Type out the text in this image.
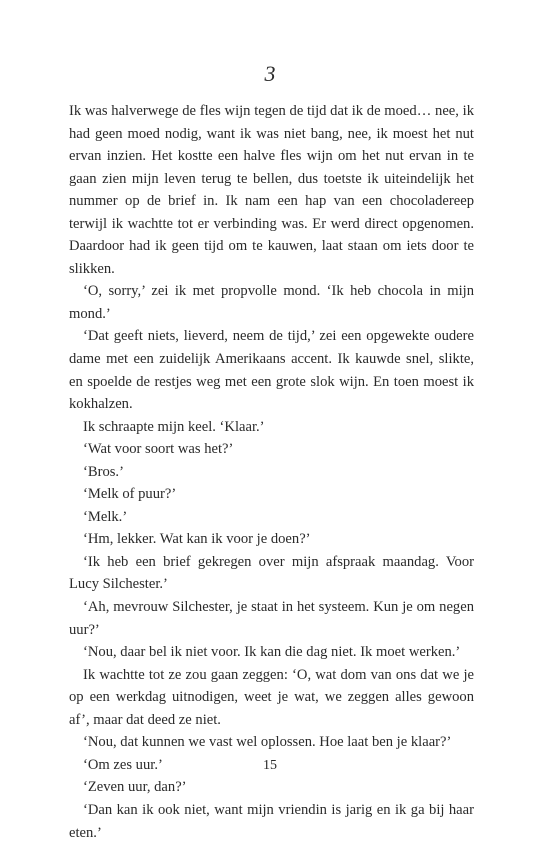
3

Ik was halverwege de fles wijn tegen de tijd dat ik de moed… nee, ik had geen moed nodig, want ik was niet bang, nee, ik moest het nut ervan inzien. Het kostte een halve fles wijn om het nut ervan in te gaan zien mijn leven terug te bellen, dus toetste ik uiteindelijk het nummer op de brief in. Ik nam een hap van een chocoladereep terwijl ik wachtte tot er verbinding was. Er werd direct opgenomen. Daardoor had ik geen tijd om te kauwen, laat staan om iets door te slikken.

‘O, sorry,’ zei ik met propvolle mond. ‘Ik heb chocola in mijn mond.’

‘Dat geeft niets, lieverd, neem de tijd,’ zei een opgewekte oudere dame met een zuidelijk Amerikaans accent. Ik kauwde snel, slikte, en spoelde de restjes weg met een grote slok wijn. En toen moest ik kokhalzen.

Ik schraapte mijn keel. ‘Klaar.’

‘Wat voor soort was het?’

‘Bros.’

‘Melk of puur?’

‘Melk.’

‘Hm, lekker. Wat kan ik voor je doen?’

‘Ik heb een brief gekregen over mijn afspraak maandag. Voor Lucy Silchester.’

‘Ah, mevrouw Silchester, je staat in het systeem. Kun je om negen uur?’

‘Nou, daar bel ik niet voor. Ik kan die dag niet. Ik moet werken.’

Ik wachtte tot ze zou gaan zeggen: ‘O, wat dom van ons dat we je op een werkdag uitnodigen, weet je wat, we zeggen alles gewoon af’, maar dat deed ze niet.

‘Nou, dat kunnen we vast wel oplossen. Hoe laat ben je klaar?’

‘Om zes uur.’

‘Zeven uur, dan?’

‘Dan kan ik ook niet, want mijn vriendin is jarig en ik ga bij haar eten.’

15
